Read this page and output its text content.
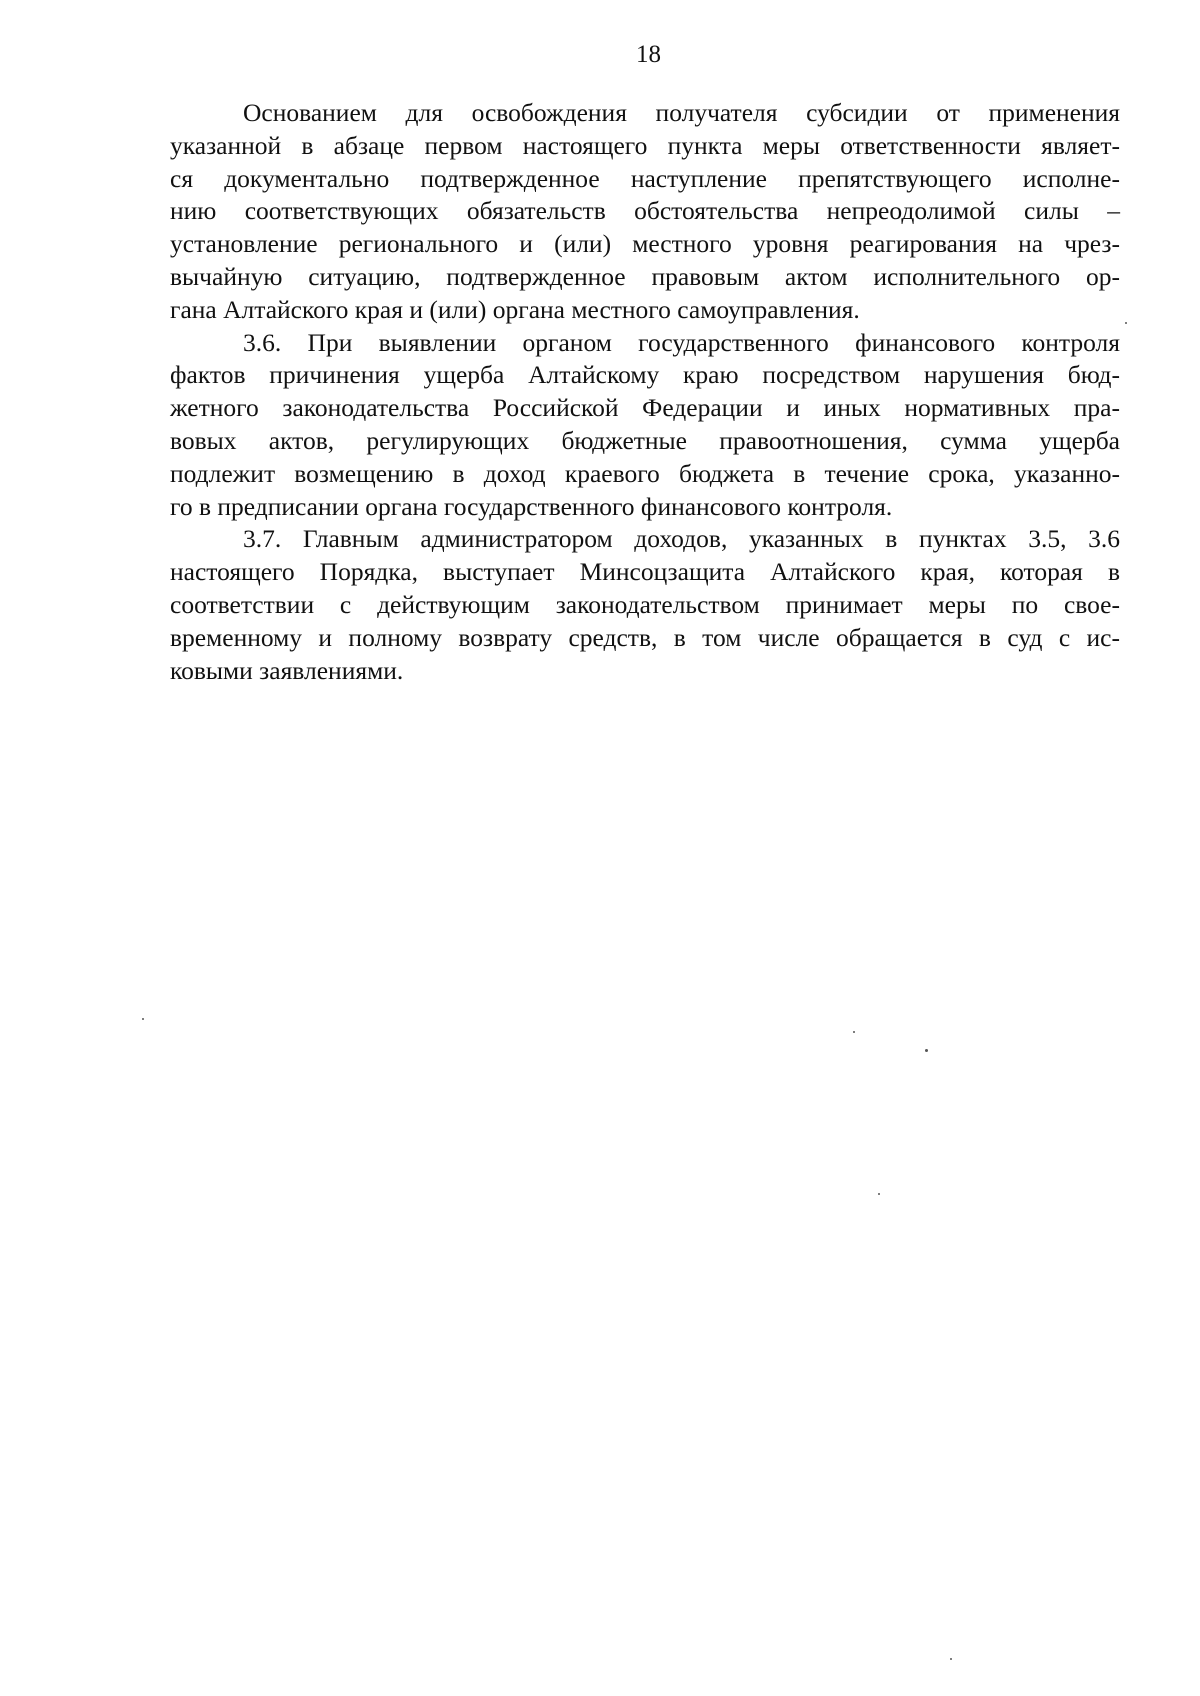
18
Основанием для освобождения получателя субсидии от применения
указанной в абзаце первом настоящего пункта меры ответственности являет-
ся документально подтвержденное наступление препятствующего исполне-
нию соответствующих обязательств обстоятельства непреодолимой силы –
установление регионального и (или) местного уровня реагирования на чрез-
вычайную ситуацию, подтвержденное правовым актом исполнительного ор-
гана Алтайского края и (или) органа местного самоуправления.
3.6. При выявлении органом государственного финансового контроля
фактов причинения ущерба Алтайскому краю посредством нарушения бюд-
жетного законодательства Российской Федерации и иных нормативных пра-
вовых актов, регулирующих бюджетные правоотношения, сумма ущерба
подлежит возмещению в доход краевого бюджета в течение срока, указанно-
го в предписании органа государственного финансового контроля.
3.7. Главным администратором доходов, указанных в пунктах 3.5, 3.6
настоящего Порядка, выступает Минсоцзащита Алтайского края, которая в
соответствии с действующим законодательством принимает меры по свое-
временному и полному возврату средств, в том числе обращается в суд с ис-
ковыми заявлениями.
